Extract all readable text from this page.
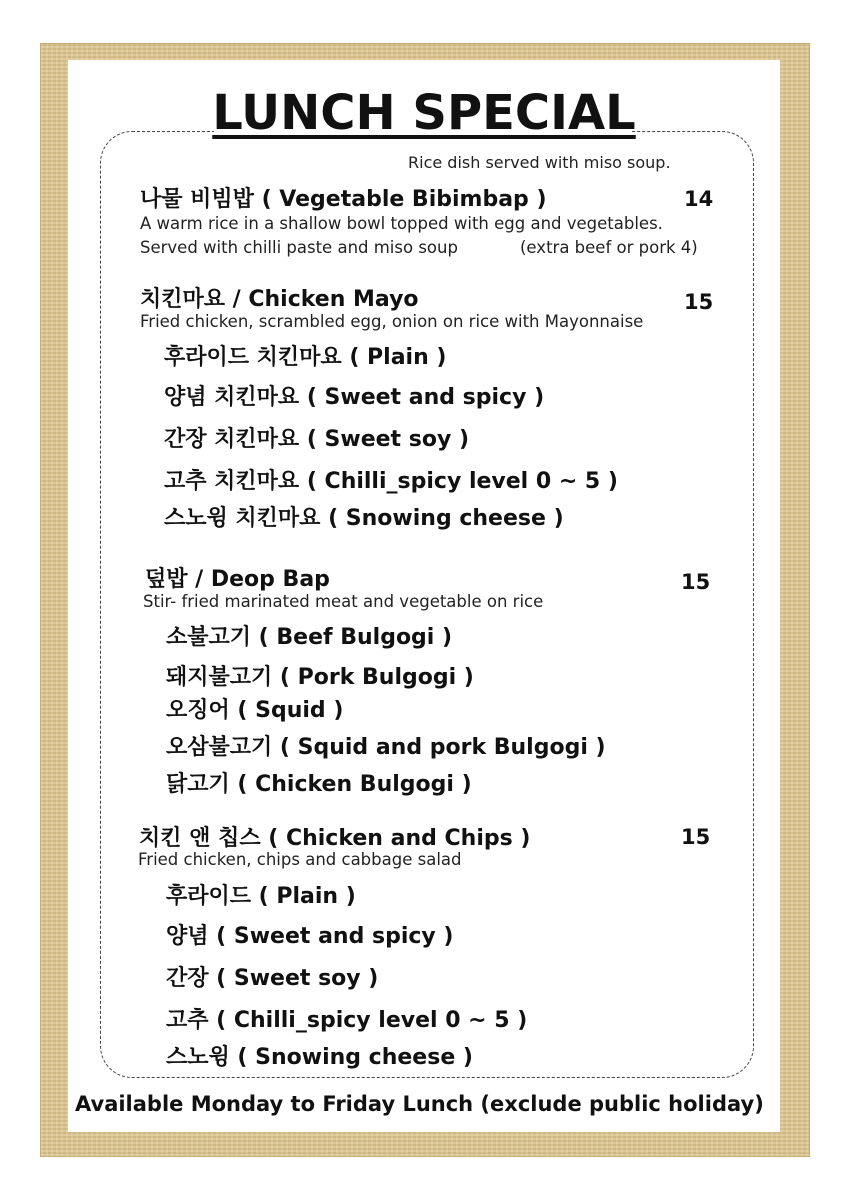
LUNCH SPECIAL
Rice dish served with miso soup.
나물 비빔밥 ( Vegetable Bibimbap )	14
A warm rice in a shallow bowl topped with egg and vegetables.
Served with chilli paste and miso soup	(extra beef or pork 4)
치킨마요 / Chicken Mayo	15
Fried chicken, scrambled egg, onion on rice with Mayonnaise
후라이드 치킨마요 ( Plain )
양념 치킨마요 ( Sweet and spicy )
간장 치킨마요 ( Sweet soy )
고추 치킨마요 ( Chilli_spicy level 0 ~ 5 )
스노윙 치킨마요 ( Snowing cheese )
덮밥 / Deop Bap	15
Stir- fried marinated meat and vegetable on rice
소불고기 ( Beef Bulgogi )
돼지불고기 ( Pork Bulgogi )
오징어 ( Squid )
오삼불고기 ( Squid and pork Bulgogi )
닭고기 ( Chicken Bulgogi )
치킨 앤 칩스 ( Chicken and Chips )	15
Fried chicken, chips and cabbage salad
후라이드 ( Plain )
양념 ( Sweet and spicy )
간장 ( Sweet soy )
고추 ( Chilli_spicy level 0 ~ 5 )
스노윙 ( Snowing cheese )
Available Monday to Friday Lunch (exclude public holiday)
